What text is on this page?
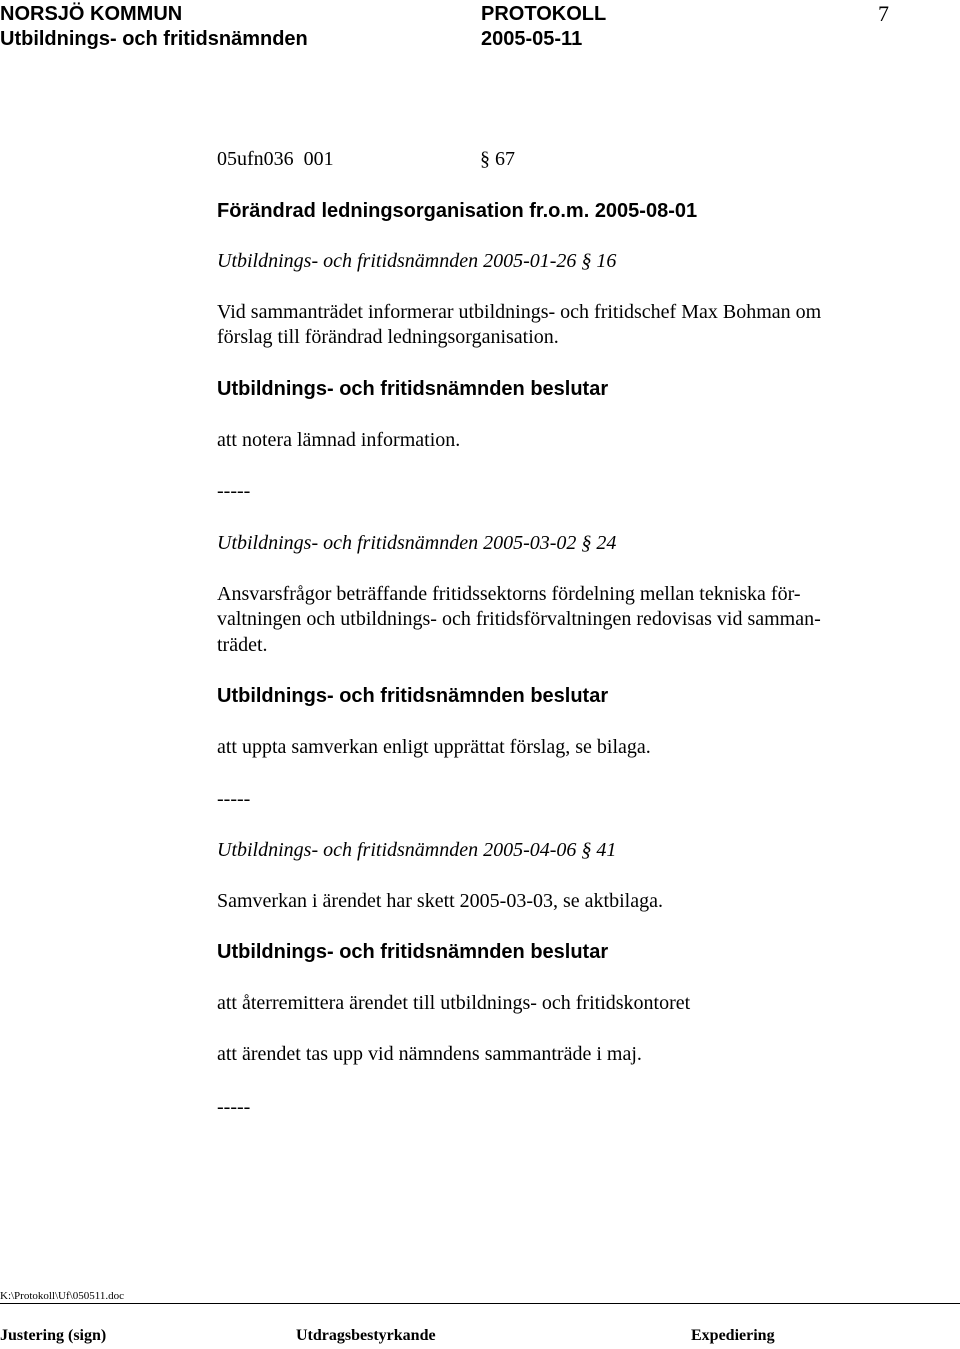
NORSJÖ KOMMUN	PROTOKOLL	7
Utbildnings- och fritidsnämnden	2005-05-11
05ufn036  001	§ 67
Förändrad ledningsorganisation fr.o.m. 2005-08-01
Utbildnings- och fritidsnämnden 2005-01-26 § 16
Vid sammanträdet informerar utbildnings- och fritidschef Max Bohman om
förslag till förändrad ledningsorganisation.
Utbildnings- och fritidsnämnden beslutar
att notera lämnad information.
-----
Utbildnings- och fritidsnämnden 2005-03-02 § 24
Ansvarsfrågor beträffande fritidssektorns fördelning mellan tekniska för-
valtningen och utbildnings- och fritidsförvaltningen redovisas vid samman-
trädet.
Utbildnings- och fritidsnämnden beslutar
att uppta samverkan enligt upprättat förslag, se bilaga.
-----
Utbildnings- och fritidsnämnden 2005-04-06 § 41
Samverkan i ärendet har skett 2005-03-03, se aktbilaga.
Utbildnings- och fritidsnämnden beslutar
att återremittera ärendet till utbildnings- och fritidskontoret
att ärendet tas upp vid nämndens sammanträde i maj.
-----
K:\Protokoll\Uf\050511.doc
Justering (sign)	Utdragsbestyrkande	Expediering
